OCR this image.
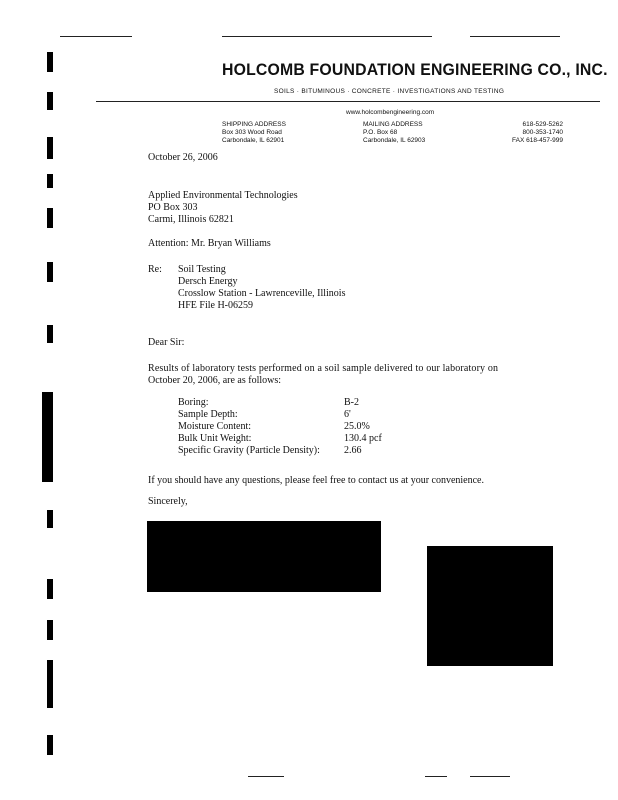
HOLCOMB FOUNDATION ENGINEERING CO., INC.
SOILS · BITUMINOUS · CONCRETE · INVESTIGATIONS AND TESTING
www.holcombengineering.com
SHIPPING ADDRESS
Box 303 Wood Road
Carbondale, IL 62901
MAILING ADDRESS
P.O. Box 68
Carbondale, IL 62903
618-529-5262
800-353-1740
FAX 618-457-999
October 26, 2006
Applied Environmental Technologies
PO Box 303
Carmi, Illinois 62821
Attention: Mr. Bryan Williams
Re: Soil Testing
Dersch Energy
Crosslow Station - Lawrenceville, Illinois
HFE File H-06259
Dear Sir:
Results of laboratory tests performed on a soil sample delivered to our laboratory on
October 20, 2006, are as follows:
Boring:	B-2
Sample Depth:	6'
Moisture Content:	25.0%
Bulk Unit Weight:	130.4 pcf
Specific Gravity (Particle Density):	2.66
If you should have any questions, please feel free to contact us at your convenience.
Sincerely,
